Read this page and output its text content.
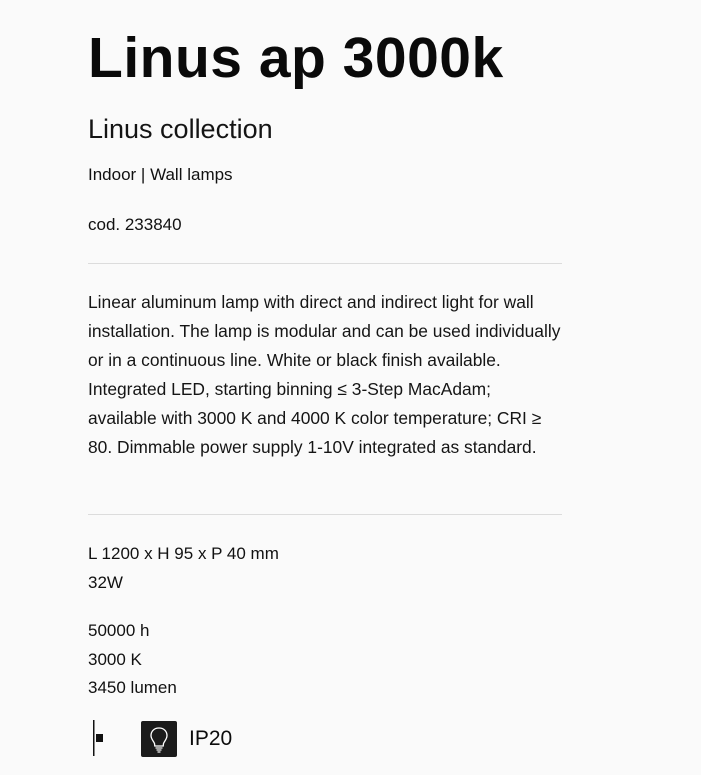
Linus ap 3000k
Linus collection
Indoor | Wall lamps
cod. 233840

Linear aluminum lamp with direct and indirect light for wall installation. The lamp is modular and can be used individually or in a continuous line. White or black finish available. Integrated LED, starting binning ≤ 3-Step MacAdam; available with 3000 K and 4000 K color temperature; CRI ≥ 80. Dimmable power supply 1-10V integrated as standard.

L 1200 x H 95 x P 40 mm
32W
50000 h
3000 K
3450 lumen
IP20
